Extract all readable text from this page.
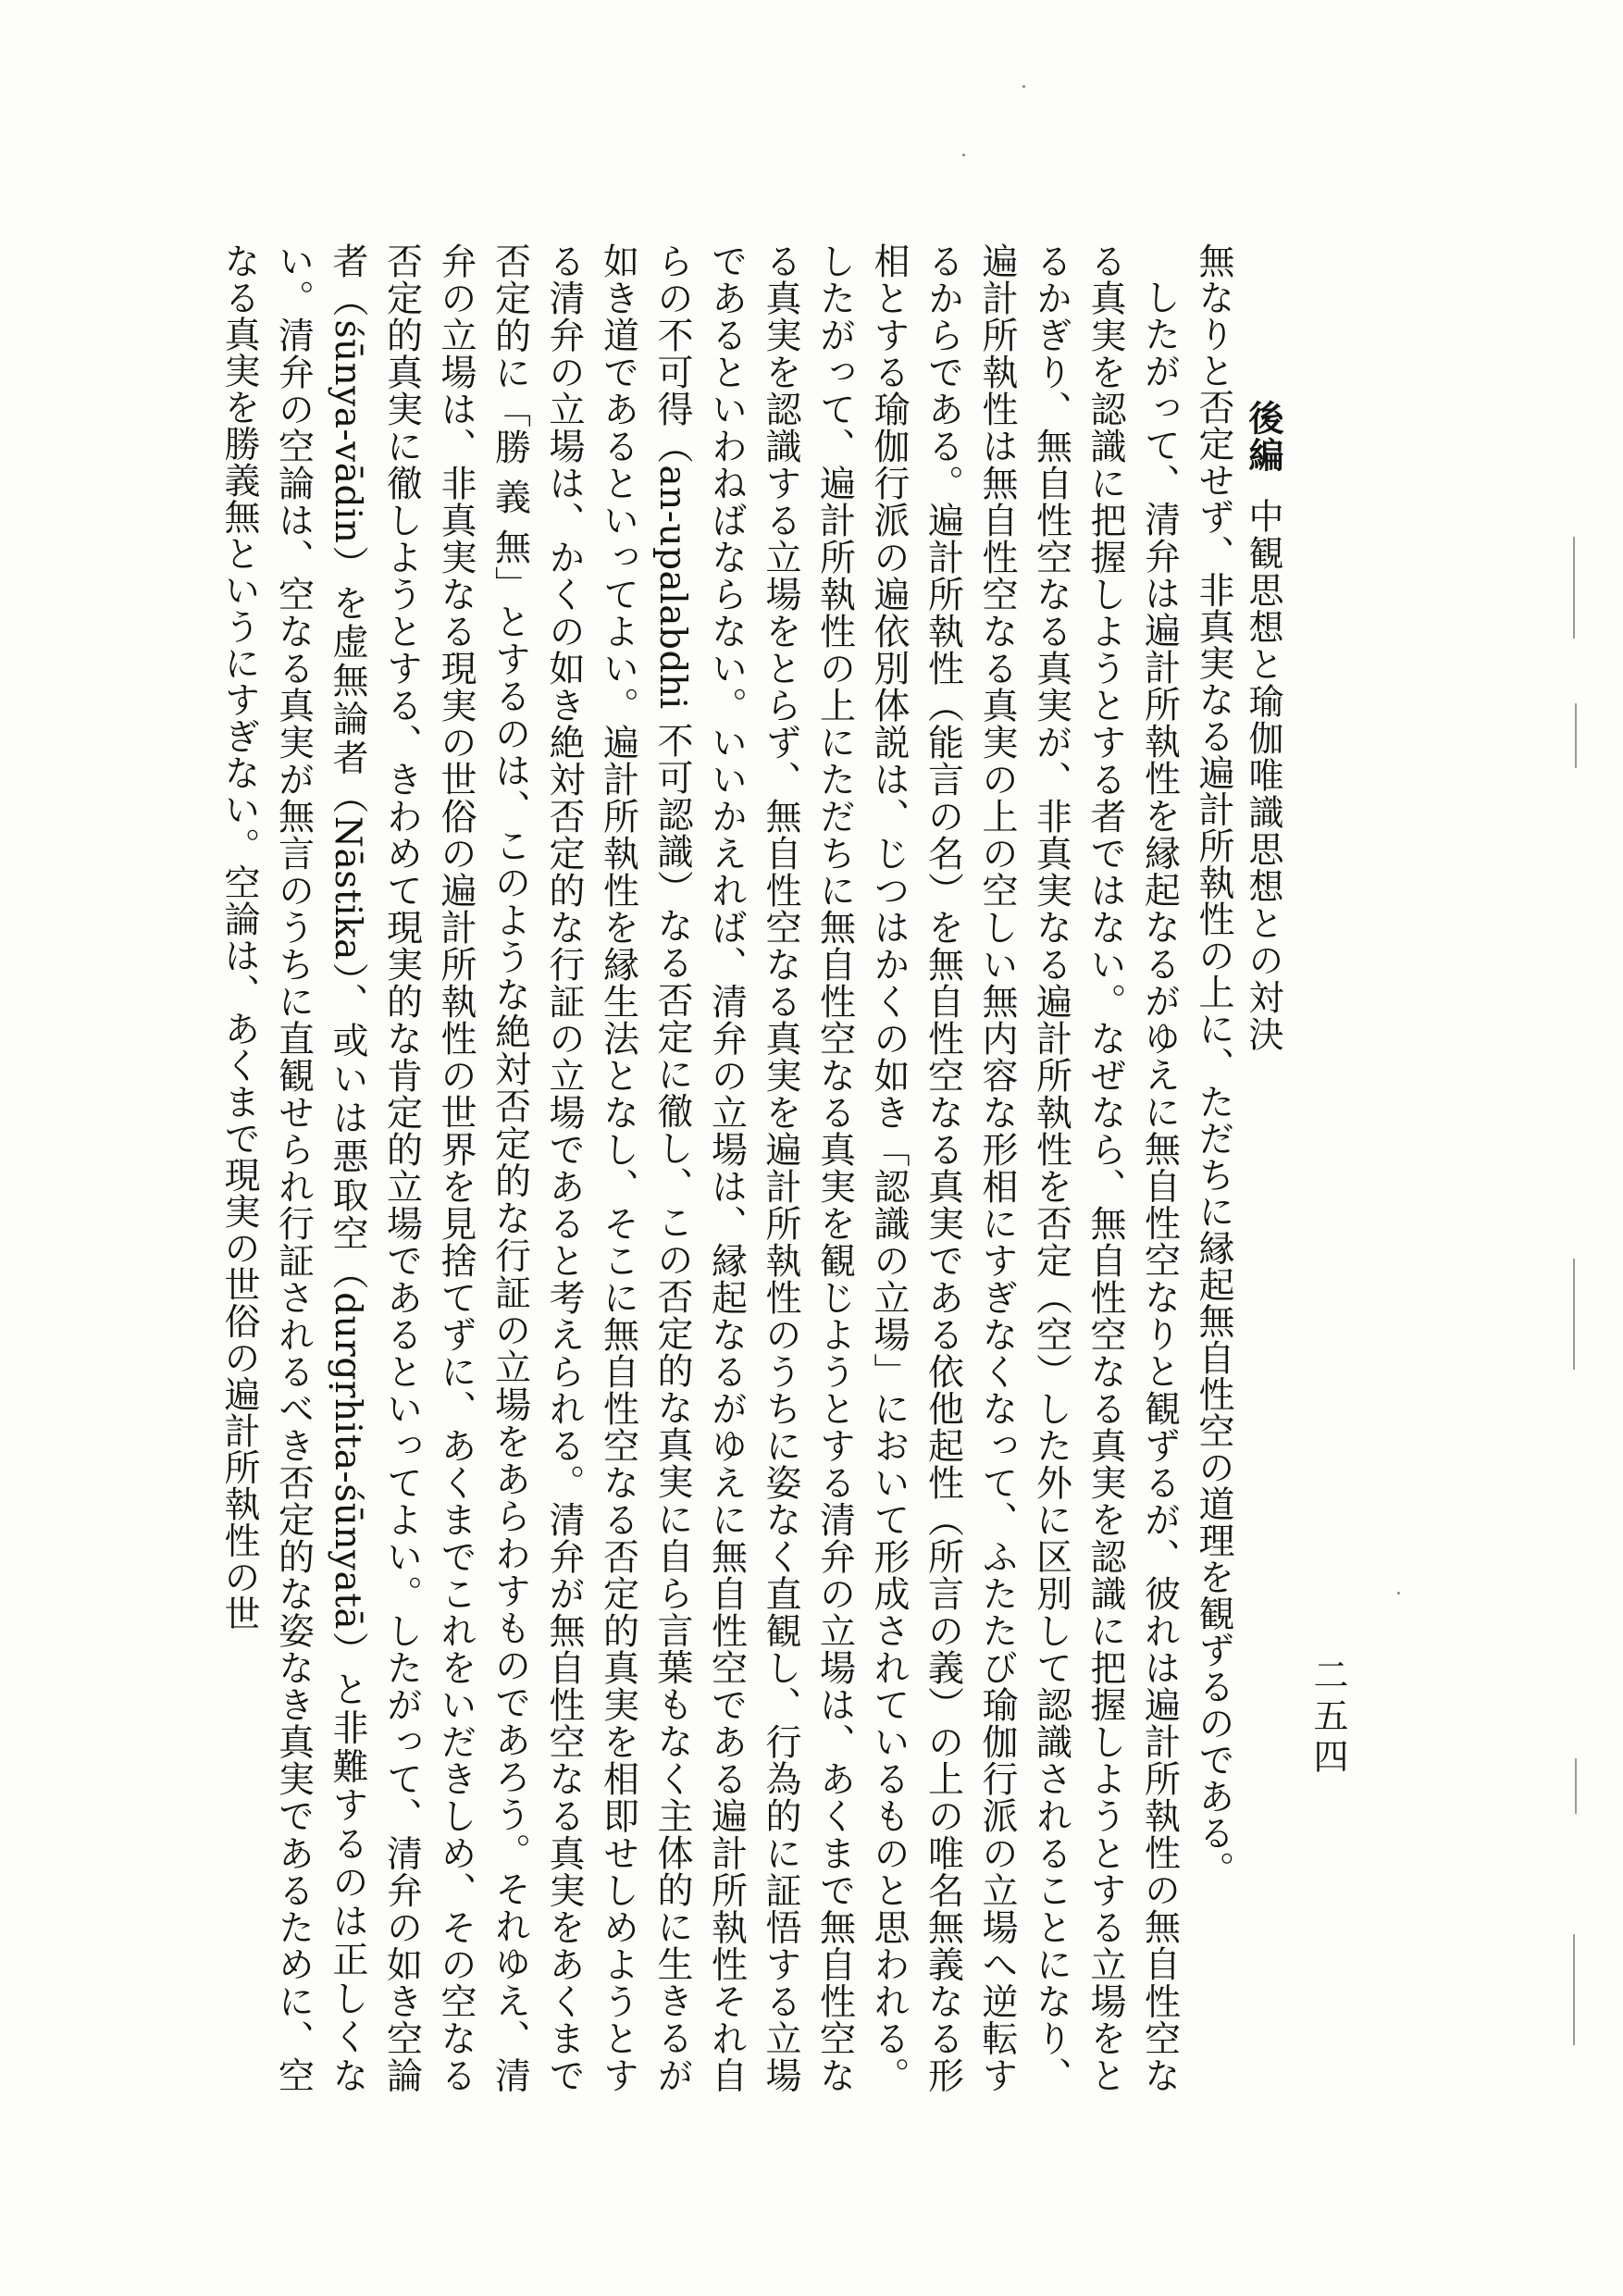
後編中観思想と瑜伽唯識思想との対決
二五四

無なりと否定せず、非真実なる遍計所執性の上に、ただちに縁起無自性空の道理を観ずるのである。

したがって、清弁は遍計所執性を縁起なるがゆえに無自性空なりと観ずるが、彼れは遍計所執性の無自性空なる真実を認識に把握しようとする者ではない。なぜなら、無自性空なる真実を認識に把握しようとする立場をとるかぎり、無自性空なる真実が、非真実なる遍計所執性を否定（空）した外に区別して認識されることになり、遍計所執性は無自性空なる真実の上の空しい無内容な形相にすぎなくなって、ふたたび瑜伽行派の立場へ逆転するからである。遍計所執性（能言の名）を無自性空なる真実である依他起性（所言の義）の上の唯名無義なる形相とする瑜伽行派の遍依別体説は、じつはかくの如き「認識の立場」において形成されているものと思われる。したがって、遍計所執性の上にただちに無自性空なる真実を観じようとする清弁の立場は、あくまで無自性空なる真実を認識する立場をとらず、無自性空なる真実を遍計所執性のうちに姿なく直観し、行為的に証悟する立場であるといわねばならない。いいかえれば、清弁の立場は、縁起なるがゆえに無自性空である遍計所執性それ自らの不可得（an-upalabdhi 不可認識）なる否定に徹し、この否定的な真実に自ら言葉もなく主体的に生きるが如き道であるといってよい。遍計所執性を縁生法となし、そこに無自性空なる否定的真実を相即せしめようとする清弁の立場は、かくの如き絶対否定的な行証の立場であると考えられる。清弁が無自性空なる真実をあくまで否定的に「勝 義 無」とするのは、このような絶対否定的な行証の立場をあらわすものであろう。それゆえ、清弁の立場は、非真実なる現実の世俗の遍計所執性の世界を見捨てずに、あくまでこれをいだきしめ、その空なる否定的真実に徹しようとする、きわめて現実的な肯定的立場であるといってよい。したがって、清弁の如き空論者（śūnya-vādin）を虚無論者（Nāstika）、或いは悪取空（durgṛhita-śūnyatā）と非難するのは正しくない。清弁の空論は、空なる真実が無言のうちに直観せられ行証されるべき否定的な姿なき真実であるために、空なる真実を勝義無というにすぎない。空論は、あくまで現実の世俗の遍計所執性の世
